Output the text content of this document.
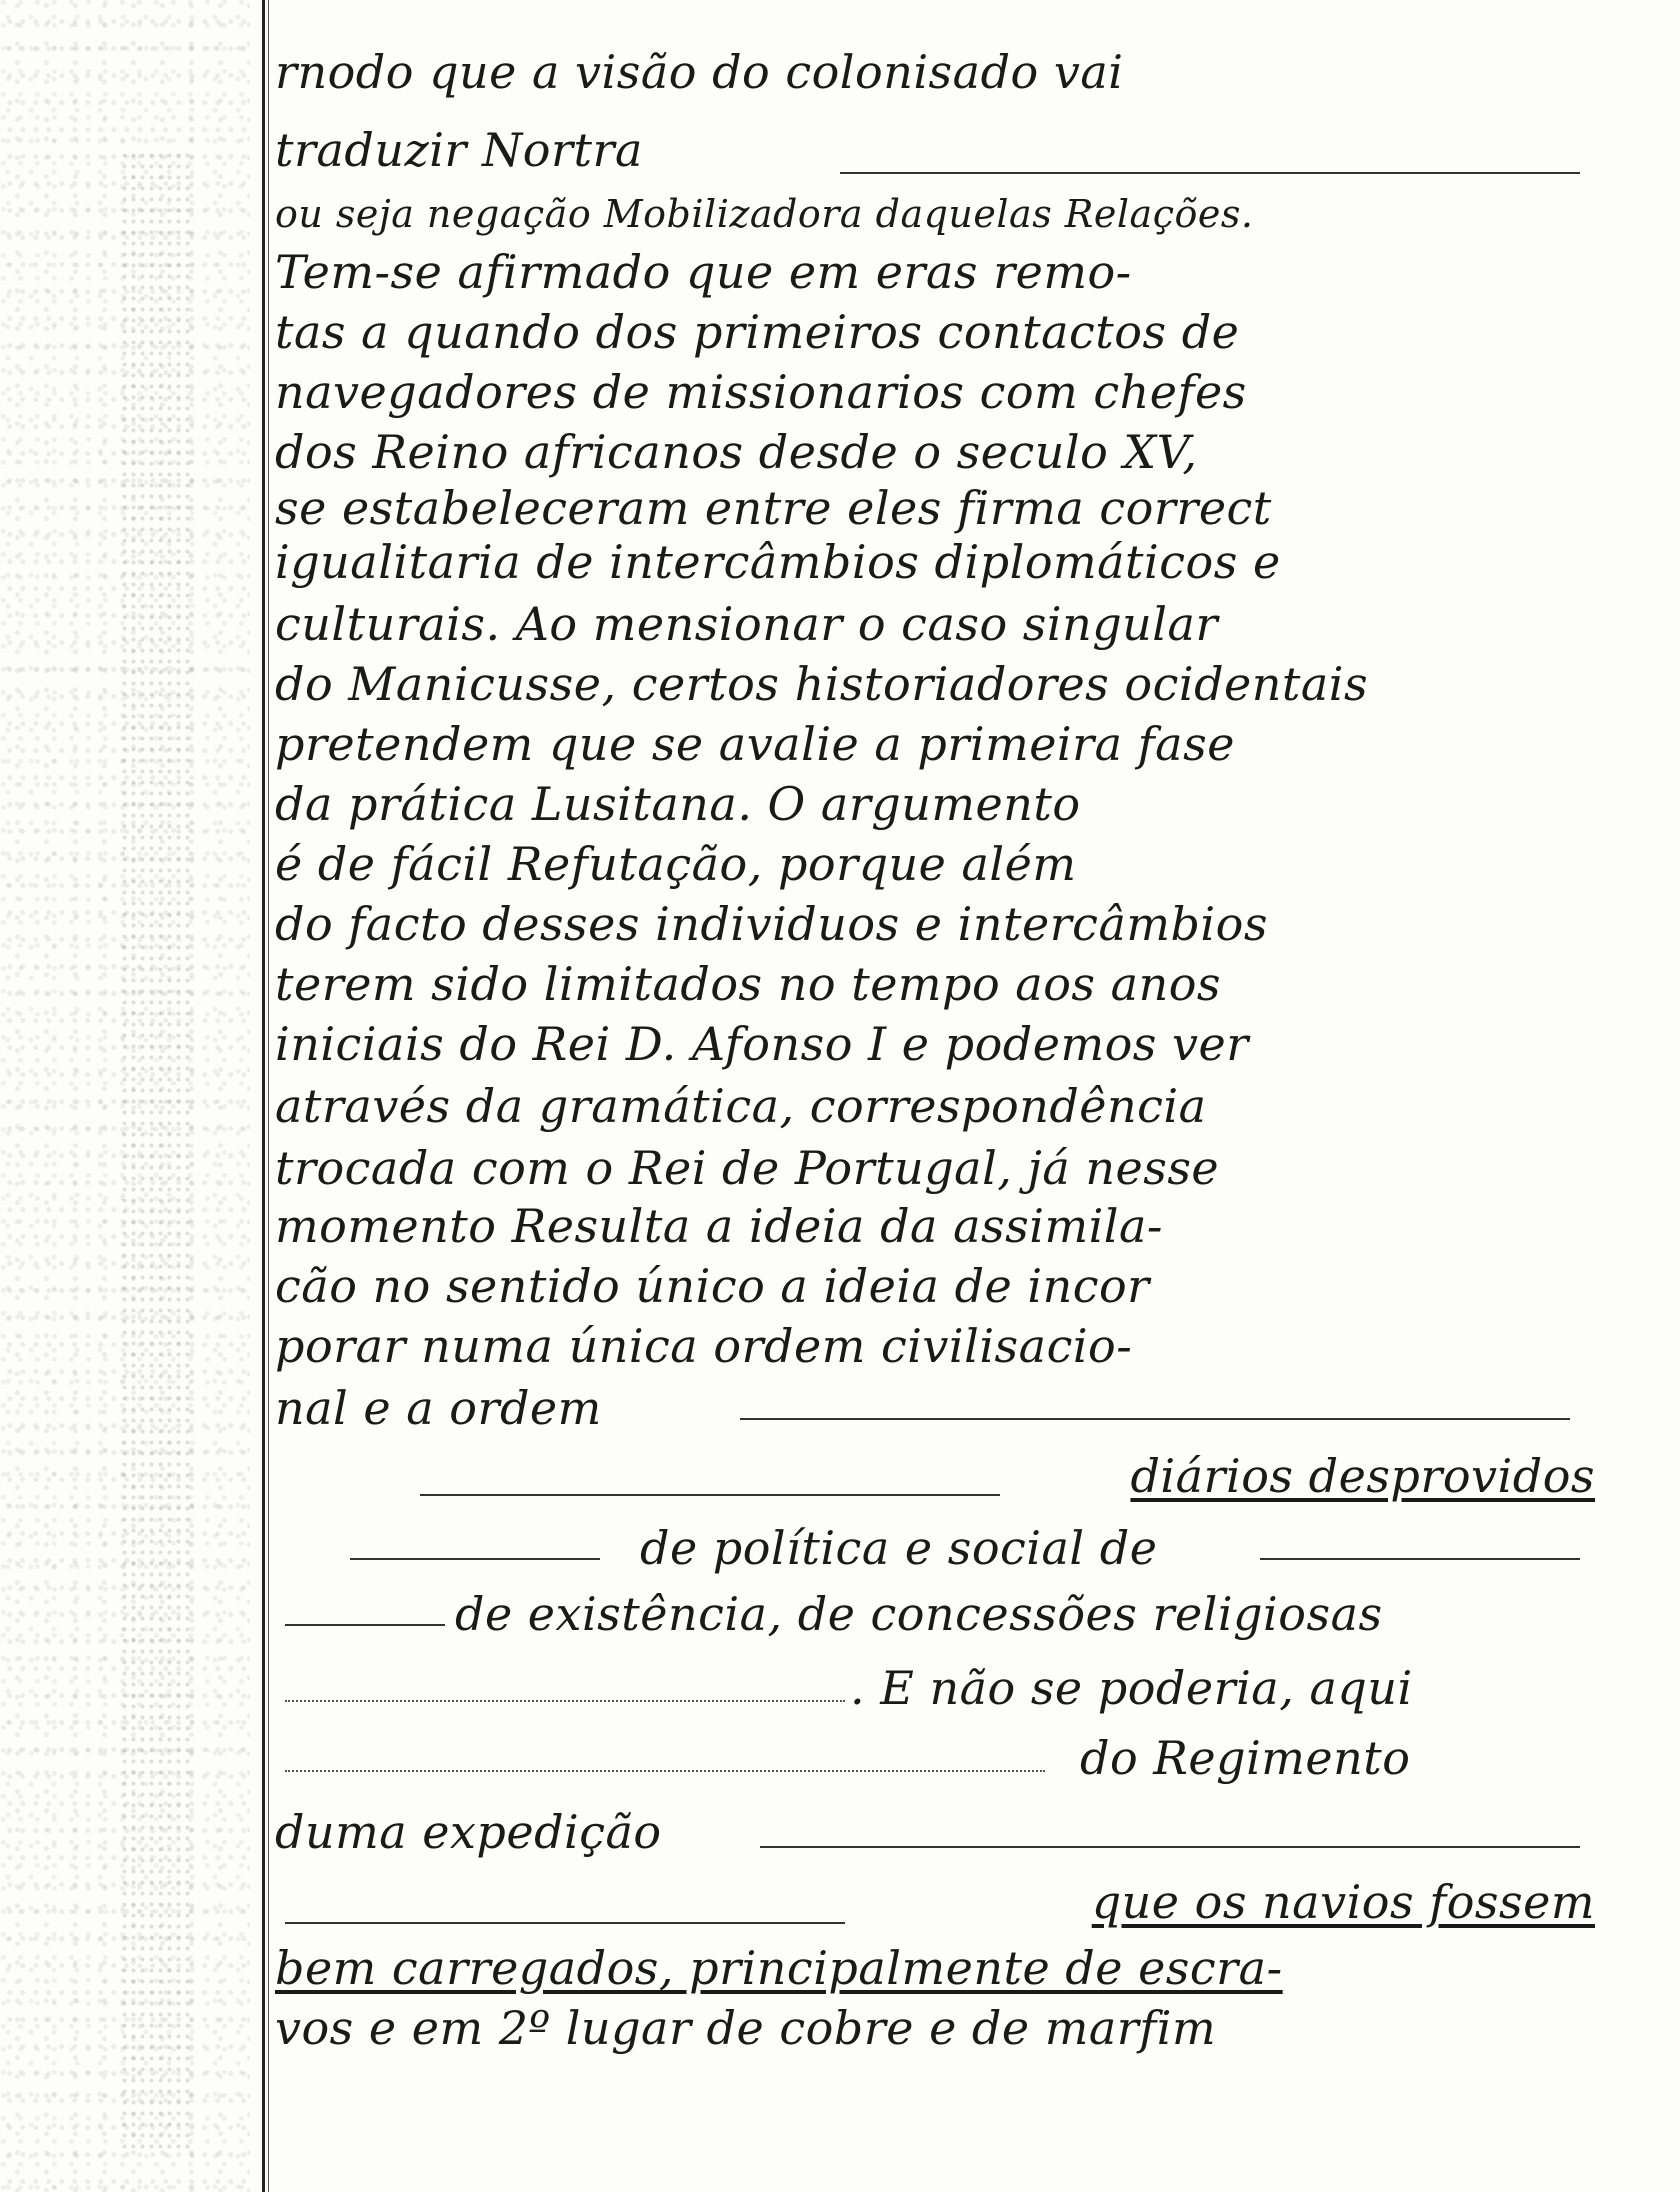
rnodo que a visão do colonisado vai
traduzir Nortra
ou seja negação Mobilizadora daquelas Relações.
Tem-se afirmado que em eras remo-
tas a quando dos primeiros contactos de
navegadores de missionarios com chefes
dos Reino africanos desde o seculo XV,
se estabeleceram entre eles firma correct
igualitaria de intercâmbios diplomáticos e
culturais. Ao mensionar o caso singular
do Manicusse, certos historiadores ocidentais
pretendem que se avalie a primeira fase
da prática Lusitana. O argumento
é de fácil Refutação, porque além
do facto desses individuos e intercâmbios
terem sido limitados no tempo aos anos
iniciais do Rei D. Afonso I e podemos ver
através da gramática, correspondência
trocada com o Rei de Portugal, já nesse
momento Resulta a ideia da assimila-
cão no sentido único a ideia de incor
porar numa única ordem civilisacio-
nal e a ordem
diários desprovidos
de política e social de
de existência, de concessões religiosas
. E não se poderia, aqui
do Regimento
duma expedição
que os navios fossem
bem carregados, principalmente de escra-
vos e em 2º lugar de cobre e de marfim
